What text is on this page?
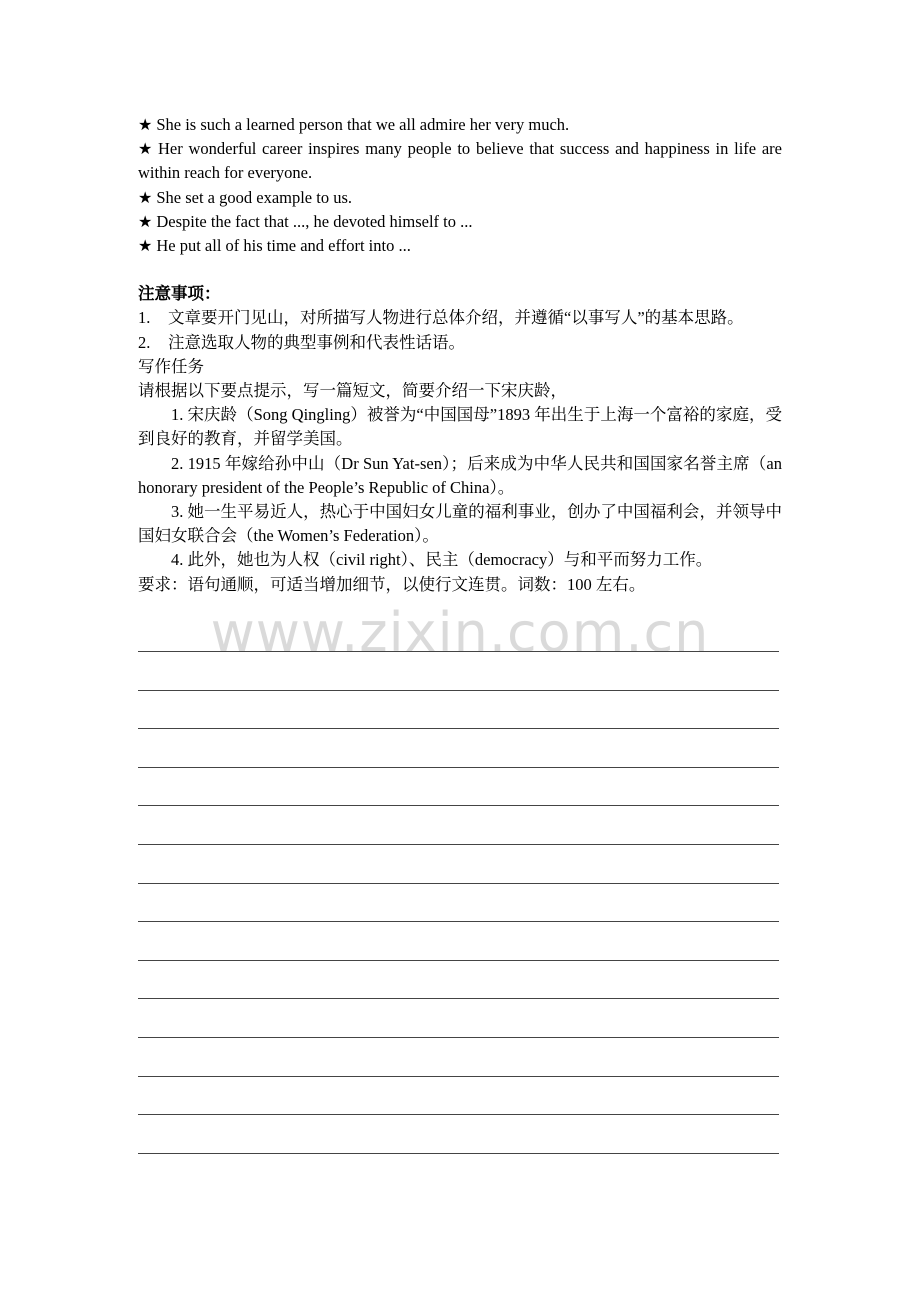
★ She is such a learned person that we all admire her very much.
★ Her wonderful career inspires many people to believe that success and happiness in life are within reach for everyone.
★ She set a good example to us.
★ Despite the fact that ..., he devoted himself to ...
★ He put all of his time and effort into ...
注意事项：
1. 文章要开门见山，对所描写人物进行总体介绍，并遵循“以事写人”的基本思路。
2. 注意选取人物的典型事例和代表性话语。
写作任务
请根据以下要点提示，写一篇短文，简要介绍一下宋庆龄，
1. 宋庆龄（Song Qingling）被誉为“中国国母”1893 年出生于上海一个富裕的家庭，受到良好的教育，并留学美国。
2. 1915 年嫁给孙中山（Dr Sun Yat-sen）；后来成为中华人民共和国国家名誉主席（an honorary president of the People’s Republic of China）。
3. 她一生平易近人，热心于中国妇女儿童的福利事业，创办了中国福利会，并领导中国妇女联合会（the Women’s Federation）。
4. 此外，她也为人权（civil right）、民主（democracy）与和平而努力工作。
要求：语句通顺，可适当增加细节，以使行文连贯。词数：100 左右。
www.zixin.com.cn
